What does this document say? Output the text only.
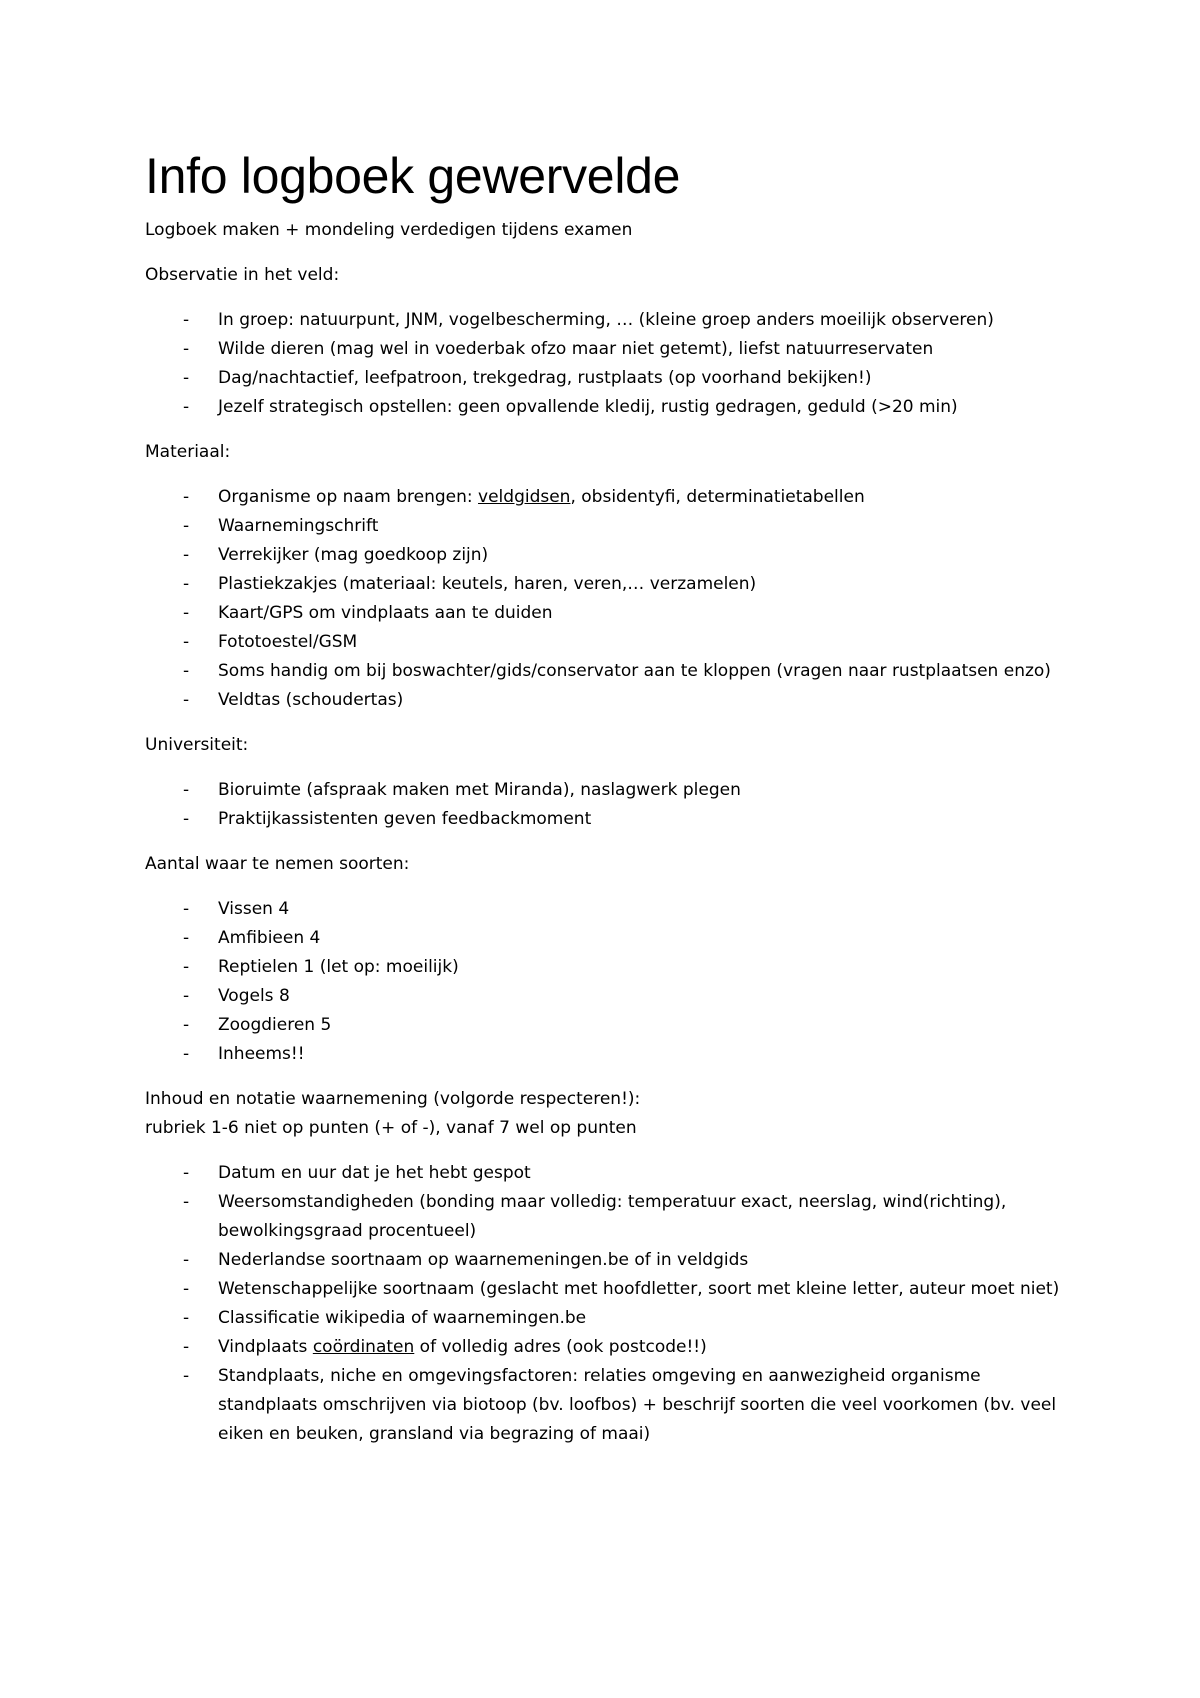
Info logboek gewervelde

Logboek maken + mondeling verdedigen tijdens examen

Observatie in het veld:

- In groep: natuurpunt, JNM, vogelbescherming, … (kleine groep anders moeilijk observeren)
- Wilde dieren (mag wel in voederbak ofzo maar niet getemt), liefst natuurreservaten
- Dag/nachtactief, leefpatroon, trekgedrag, rustplaats (op voorhand bekijken!)
- Jezelf strategisch opstellen: geen opvallende kledij, rustig gedragen, geduld (>20 min)

Materiaal:

- Organisme op naam brengen: veldgidsen, obsidentyfi, determinatietabellen
- Waarnemingschrift
- Verrekijker (mag goedkoop zijn)
- Plastiekzakjes (materiaal: keutels, haren, veren,… verzamelen)
- Kaart/GPS om vindplaats aan te duiden
- Fototoestel/GSM
- Soms handig om bij boswachter/gids/conservator aan te kloppen (vragen naar rustplaatsen enzo)
- Veldtas (schoudertas)

Universiteit:

- Bioruimte (afspraak maken met Miranda), naslagwerk plegen
- Praktijkassistenten geven feedbackmoment

Aantal waar te nemen soorten:

- Vissen 4
- Amfibieen 4
- Reptielen 1 (let op: moeilijk)
- Vogels 8
- Zoogdieren 5
- Inheems!!

Inhoud en notatie waarnemening (volgorde respecteren!):

rubriek 1-6 niet op punten (+ of -), vanaf 7 wel op punten

- Datum en uur dat je het hebt gespot
- Weersomstandigheden (bonding maar volledig: temperatuur exact, neerslag, wind(richting), bewolkingsgraad procentueel)
- Nederlandse soortnaam op waarnemeningen.be of in veldgids
- Wetenschappelijke soortnaam (geslacht met hoofdletter, soort met kleine letter, auteur moet niet)
- Classificatie wikipedia of waarnemingen.be
- Vindplaats coördinaten of volledig adres (ook postcode!!)
- Standplaats, niche en omgevingsfactoren: relaties omgeving en aanwezigheid organisme standplaats omschrijven via biotoop (bv. loofbos) + beschrijf soorten die veel voorkomen (bv. veel eiken en beuken, gransland via begrazing of maai)
